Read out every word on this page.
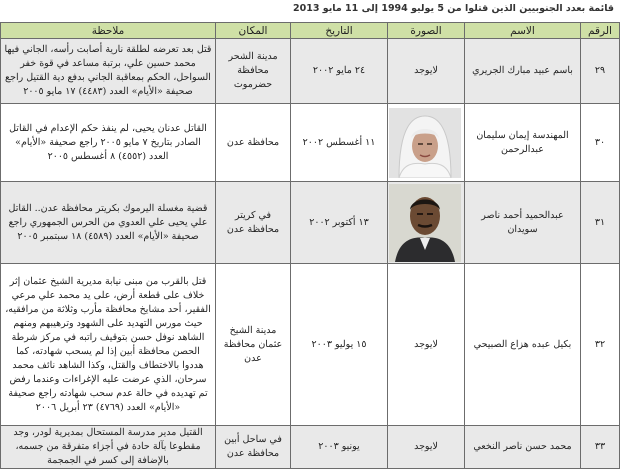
قائمة بعدد الجنوبيين الذين قتلوا من 5 يوليو 1994 إلى 11 مايو 2013
الرقم	الاسم	الصورة	التاريخ	المكان	ملاحظة
٢٩	باسم عبيد مبارك الجريري	لايوجد	٢٤ مايو ٢٠٠٢	مدينة الشحر محافظة حضرموت	قتل بعد تعرضه لطلقة نارية أصابت رأسه، الجاني فيها محمد حسين علي، برتبة مساعد في قوة خفر السواحل، الحكم بمعاقبة الجاني بدفع دية القتيل راجع صحيفة «الأيام» العدد (٤٤٨٣) ١٧ مايو ٢٠٠٥
٣٠	المهندسة إيمان سليمان عبدالرحمن		١١ أغسطس ٢٠٠٢	محافظة عدن	القاتل عدنان يحيى، لم ينفذ حكم الإعدام في القاتل الصادر بتاريخ ٧ مايو ٢٠٠٥ راجع صحيفة «الأيام» العدد (٤٥٥٢) ٨ أغسطس ٢٠٠٥
٣١	عبدالحميد أحمد ناصر سويدان		١٣ أكتوبر ٢٠٠٢	في كريتر محافظة عدن	قضية مغسلة اليرموك بكريتر محافظة عدن.. القاتل علي يحيى علي العدوي من الحرس الجمهوري راجع صحيفة «الأيام» العدد (٤٥٨٩) ١٨ سبتمبر ٢٠٠٥
٣٢	بكيل عبده هزاع الصبيحي	لايوجد	١٥ يوليو ٢٠٠٣	مدينة الشيخ عثمان محافظة عدن	قتل بالقرب من مبنى نيابة مديرية الشيخ عثمان إثر خلاف على قطعة أرض، على يد محمد علي مرعي الفقير، أحد مشايخ محافظة مأرب وثلاثة من مرافقيه، حيث مورس التهديد على الشهود وترهيبهم ومنهم الشاهد نوفل حسن بتوقيف راتبه في مركز شرطة الحصن محافظة أبين إذا لم يسحب شهادته، كما هددوا بالاختطاف والقتل، وكذا الشاهد نائف محمد سرحان، الذي عرضت عليه الإغراءات وعندما رفض تم تهديده في حالة عدم سحب شهادته راجع صحيفة «الأيام» العدد (٤٧٦٩) ٢٣ أبريل ٢٠٠٦
٣٣	محمد حسن ناصر النخعي	لايوجد	يونيو ٢٠٠٣	في ساحل أبين محافظة عدن	القتيل مدير مدرسة المستحال بمديرية لودر، وجد مقطوعا بآلة حادة في أجزاء متفرقة من جسمه، بالإضافة إلى كسر في الجمجمة
